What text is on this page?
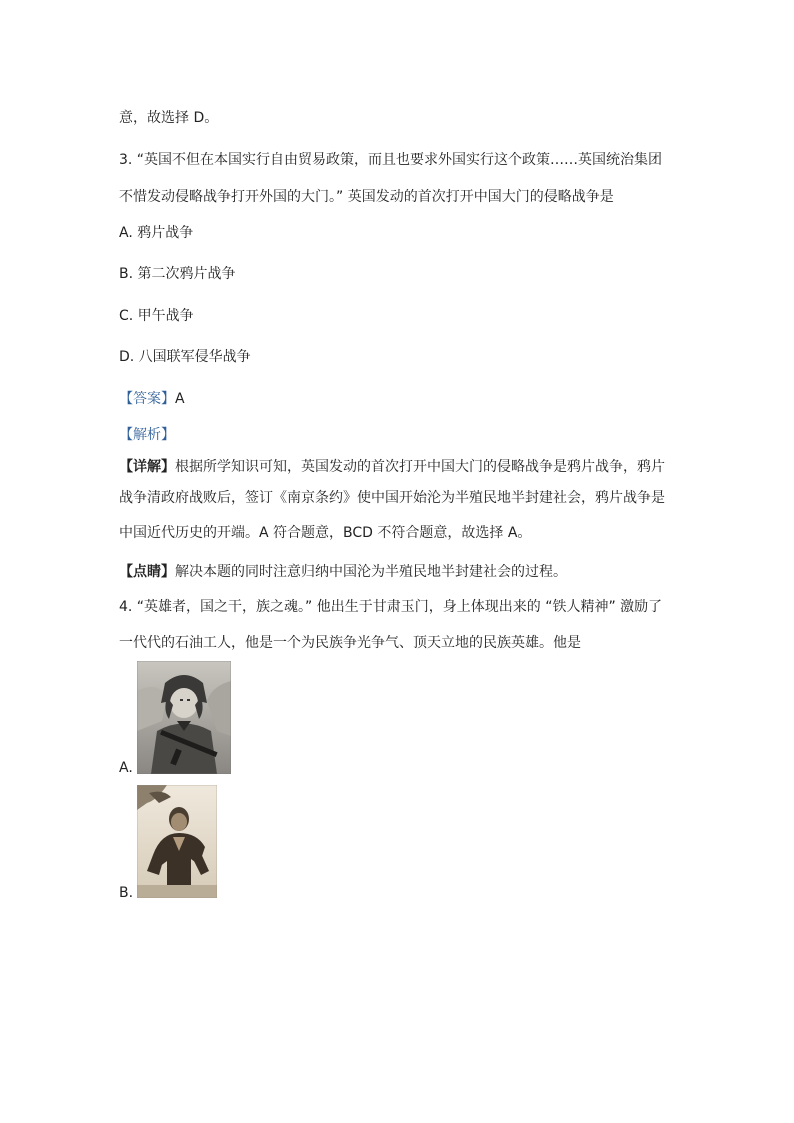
意，故选择 D。
3. “英国不但在本国实行自由贸易政策，而且也要求外国实行这个政策……英国统治集团
不惜发动侵略战争打开外国的大门。” 英国发动的首次打开中国大门的侵略战争是
A. 鸦片战争
B. 第二次鸦片战争
C. 甲午战争
D. 八国联军侵华战争
【答案】A
【解析】
【详解】根据所学知识可知，英国发动的首次打开中国大门的侵略战争是鸦片战争，鸦片
战争清政府战败后，签订《南京条约》使中国开始沦为半殖民地半封建社会，鸦片战争是
中国近代历史的开端。A 符合题意，BCD 不符合题意，故选择 A。
【点睛】解决本题的同时注意归纳中国沦为半殖民地半封建社会的过程。
4. “英雄者，国之干，族之魂。” 他出生于甘肃玉门，身上体现出来的 “铁人精神” 激励了
一代代的石油工人，他是一个为民族争光争气、顶天立地的民族英雄。他是
A.
B.
